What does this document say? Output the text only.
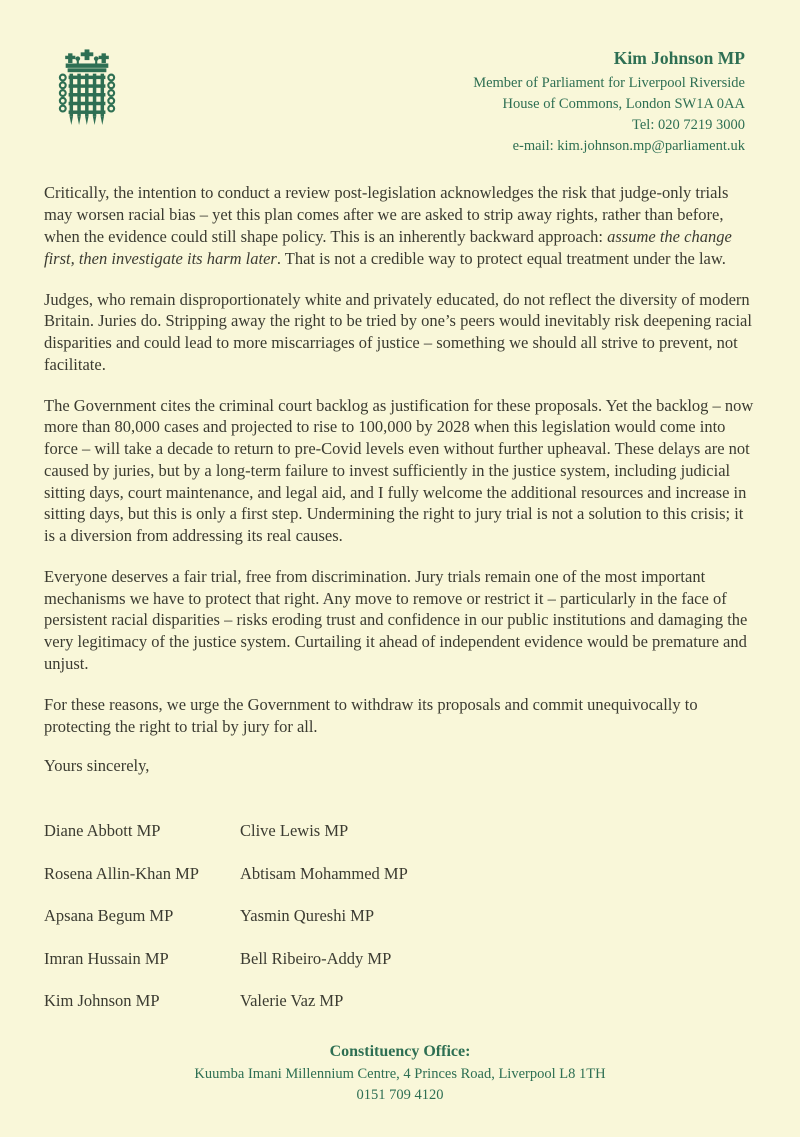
Kim Johnson MP
Member of Parliament for Liverpool Riverside
House of Commons, London SW1A 0AA
Tel: 020 7219 3000
e-mail: kim.johnson.mp@parliament.uk

Critically, the intention to conduct a review post-legislation acknowledges the risk that judge-only trials may worsen racial bias – yet this plan comes after we are asked to strip away rights, rather than before, when the evidence could still shape policy. This is an inherently backward approach: assume the change first, then investigate its harm later. That is not a credible way to protect equal treatment under the law.

Judges, who remain disproportionately white and privately educated, do not reflect the diversity of modern Britain. Juries do. Stripping away the right to be tried by one’s peers would inevitably risk deepening racial disparities and could lead to more miscarriages of justice – something we should all strive to prevent, not facilitate.

The Government cites the criminal court backlog as justification for these proposals. Yet the backlog – now more than 80,000 cases and projected to rise to 100,000 by 2028 when this legislation would come into force – will take a decade to return to pre-Covid levels even without further upheaval. These delays are not caused by juries, but by a long-term failure to invest sufficiently in the justice system, including judicial sitting days, court maintenance, and legal aid, and I fully welcome the additional resources and increase in sitting days, but this is only a first step. Undermining the right to jury trial is not a solution to this crisis; it is a diversion from addressing its real causes.

Everyone deserves a fair trial, free from discrimination. Jury trials remain one of the most important mechanisms we have to protect that right. Any move to remove or restrict it – particularly in the face of persistent racial disparities – risks eroding trust and confidence in our public institutions and damaging the very legitimacy of the justice system. Curtailing it ahead of independent evidence would be premature and unjust.

For these reasons, we urge the Government to withdraw its proposals and commit unequivocally to protecting the right to trial by jury for all.

Yours sincerely,

Diane Abbott MP	Clive Lewis MP
Rosena Allin-Khan MP	Abtisam Mohammed MP
Apsana Begum MP	Yasmin Qureshi MP
Imran Hussain MP	Bell Ribeiro-Addy MP
Kim Johnson MP	Valerie Vaz MP
Constituency Office:
Kuumba Imani Millennium Centre, 4 Princes Road, Liverpool L8 1TH
0151 709 4120
